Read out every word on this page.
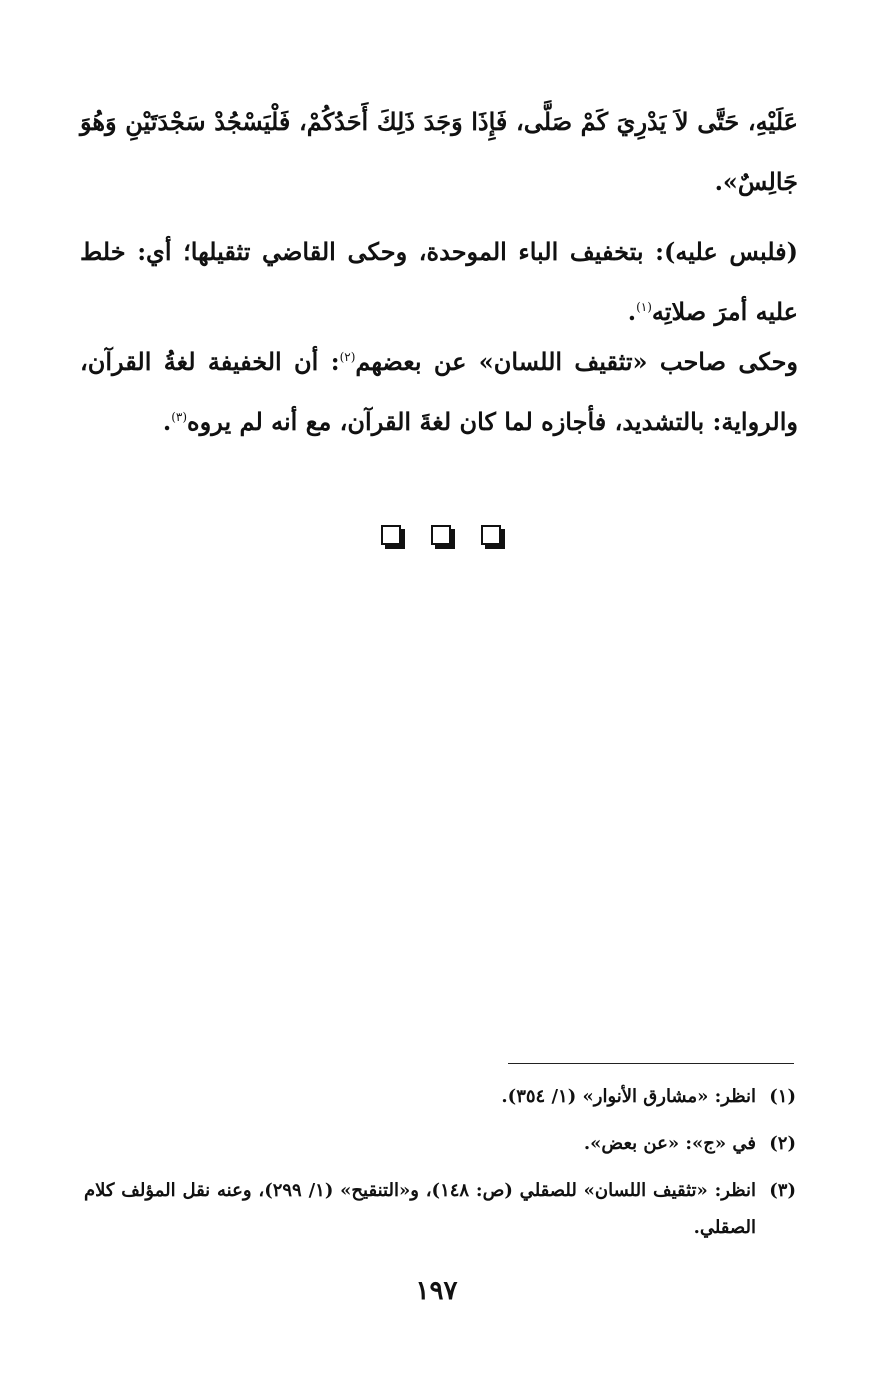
عَلَيْهِ، حَتَّى لاَ يَدْرِيَ كَمْ صَلَّى، فَإِذَا وَجَدَ ذَلِكَ أَحَدُكُمْ، فَلْيَسْجُدْ سَجْدَتَيْنِ وَهُوَ جَالِسٌ».

(فلبس عليه): بتخفيف الباء الموحدة، وحكى القاضي تثقيلها؛ أي: خلط عليه أمرَ صلاتِه$^{(١)}$.

وحكى صاحب «تثقيف اللسان» عن بعضهم$^{(٢)}$: أن الخفيفة لغةُ القرآن، والرواية: بالتشديد، فأجازه لما كان لغةَ القرآن، مع أنه لم يروه$^{(٣)}$.

(١)
انظر: «مشارق الأنوار» (١/ ٣٥٤).
(٢)
في «ج»: «عن بعض».
(٣)
انظر: «تثقيف اللسان» للصقلي (ص: ١٤٨)، و«التنقيح» (١/ ٢٩٩)، وعنه نقل المؤلف كلام الصقلي.
١٩٧
